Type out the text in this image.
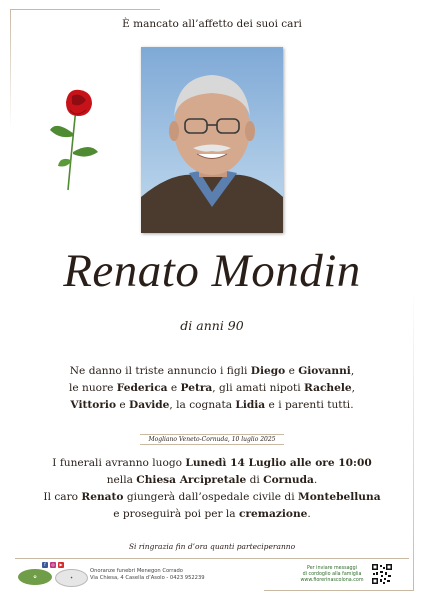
È mancato all’affetto dei suoi cari
Renato Mondin
di anni 90
Ne danno il triste annuncio i figli Diego e Giovanni,
le nuore Federica e Petra, gli amati nipoti Rachele,
Vittorio e Davide, la cognata Lidia e i parenti tutti.
Mogliano Veneto-Cornuda, 10 luglio 2025
I funerali avranno luogo Lunedì 14 Luglio alle ore 10:00
nella Chiesa Arcipretale di Cornuda.
Il caro Renato giungerà dall’ospedale civile di Montebelluna
e proseguirà poi per la cremazione.
Si ringrazia fin d’ora quanti parteciperanno
f	◎	▶
✿	✦
Onoranze funebri Menegon Corrado
Via Chiesa, 4 Casella d’Asolo - 0423 952239
Per inviare messaggi
di cordoglio alla famiglia
www.fiorerinascolona.com
